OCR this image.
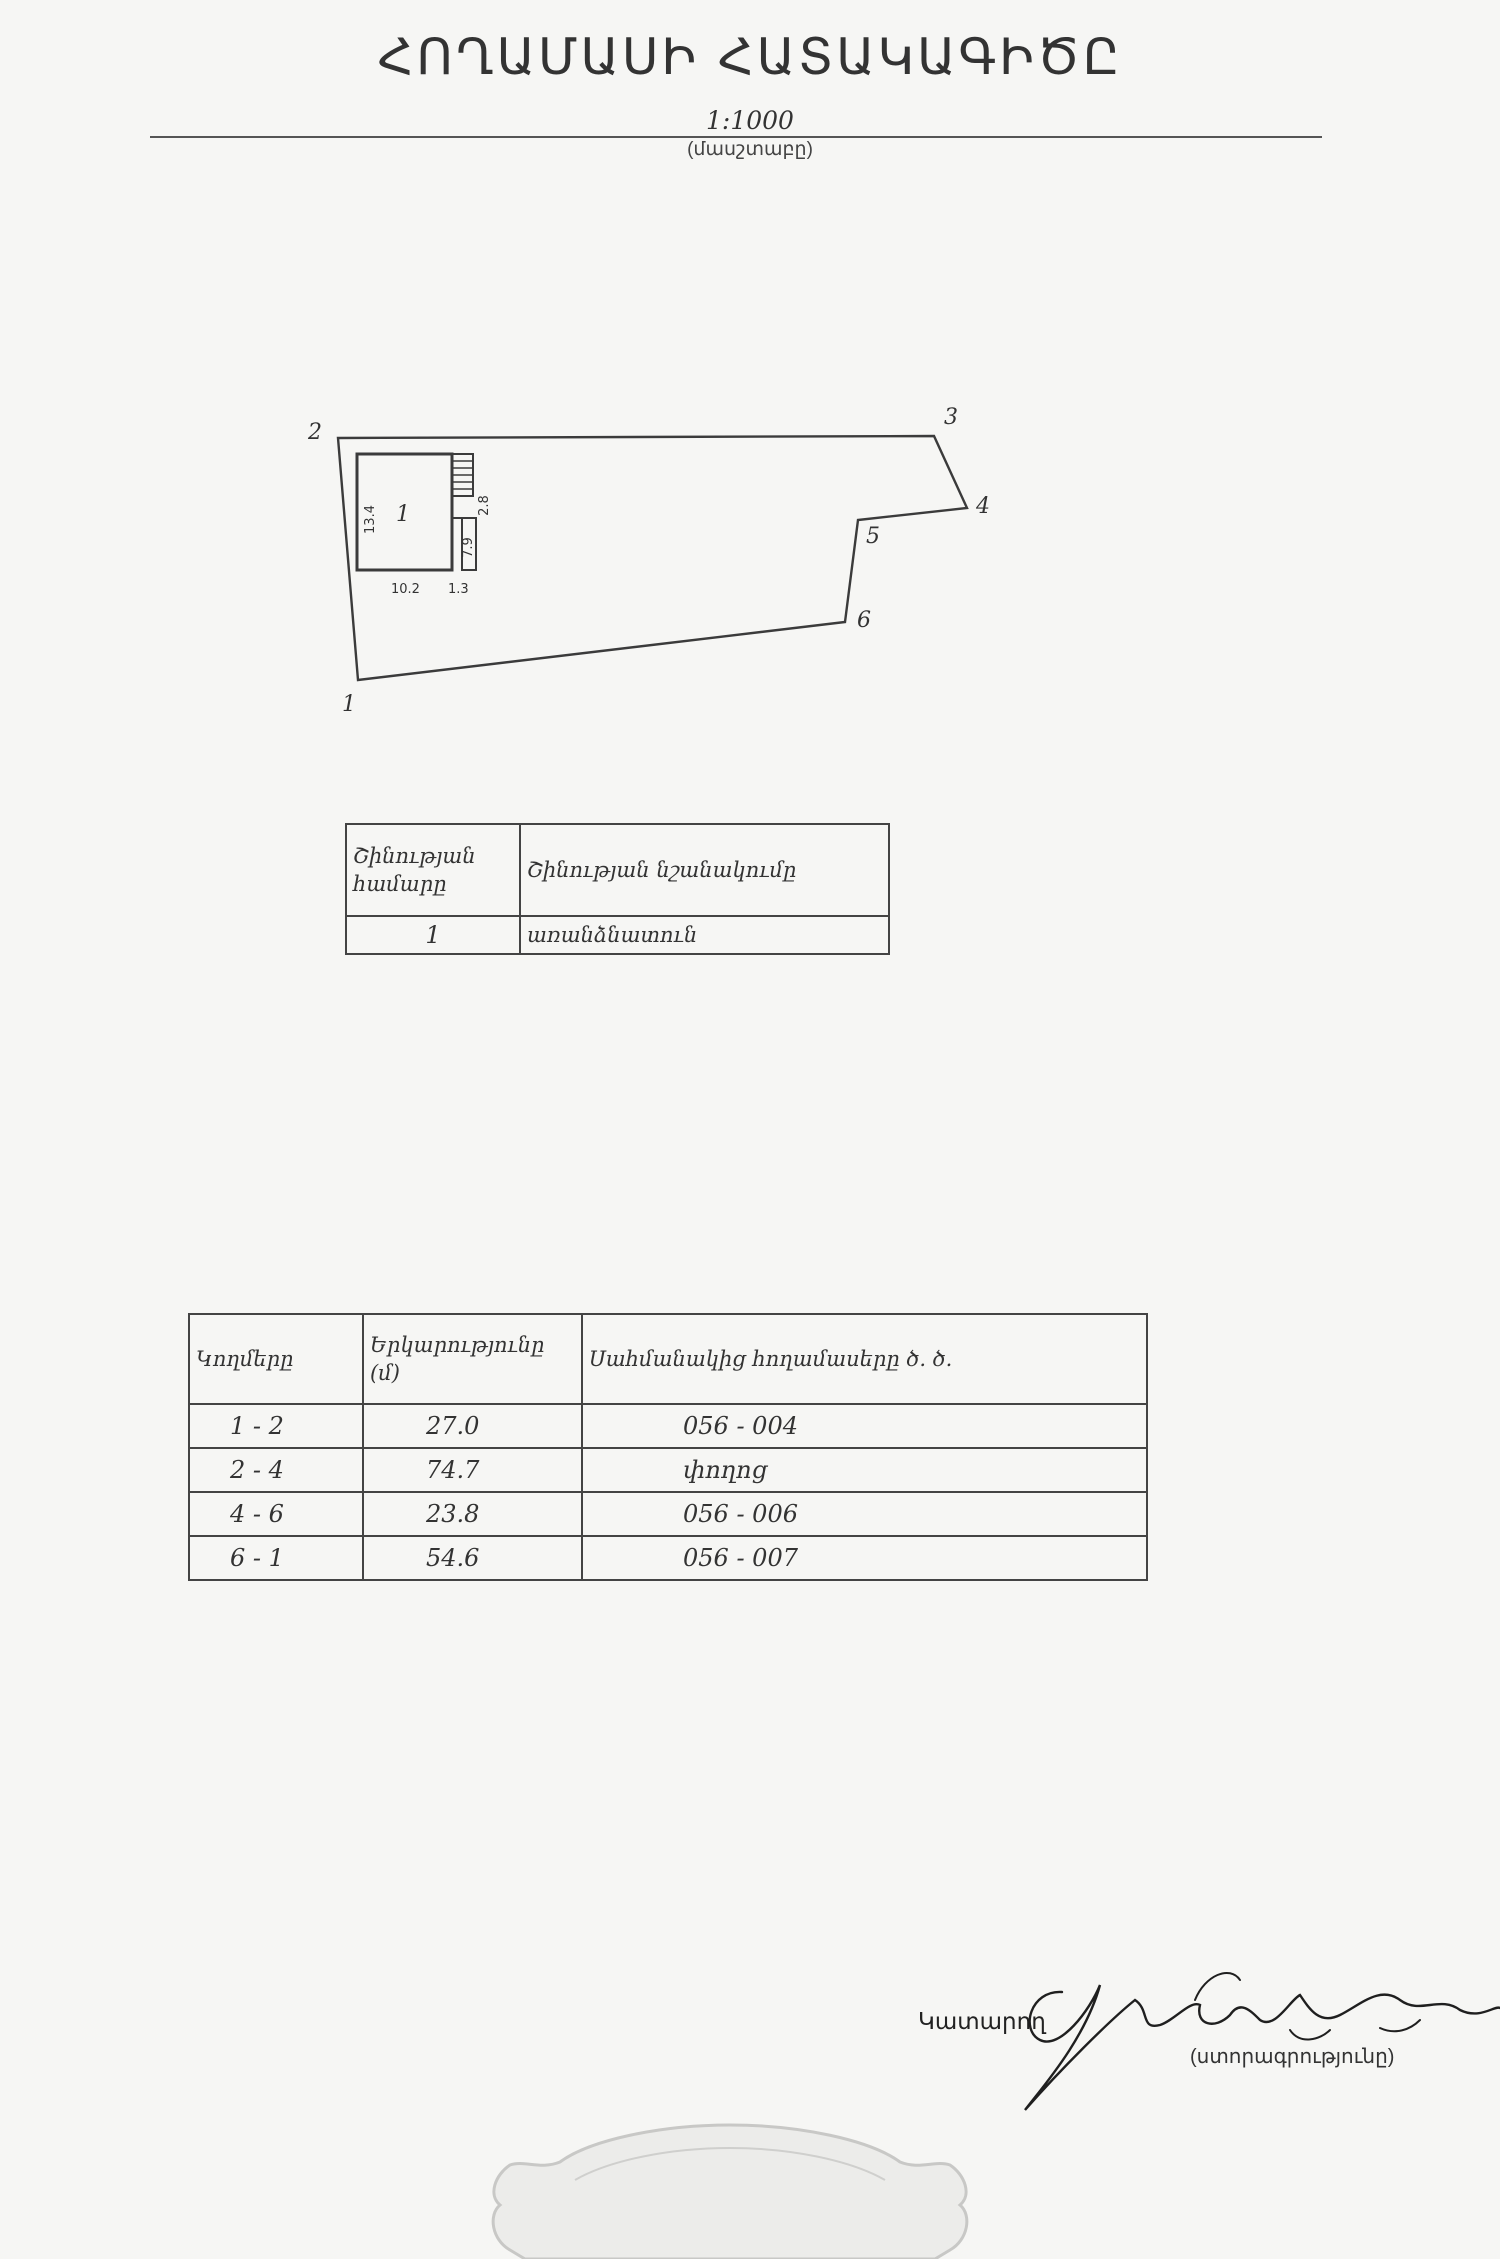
ՀՈՂԱՄԱՍԻ ՀԱՏԱԿԱԳԻԾԸ
1:1000
(մասշտաբը)
2
3
4
5
6
1
1
13.4
10.2 1.3
2.8
7.9
Շինության համարը	Շինության նշանակումը
1	առանձնատուն
Կողմերը	Երկարությունը (մ)	Սահմանակից հողամասերը ծ. ծ.
1 - 2	27.0	056 - 004
2 - 4	74.7	փողոց
4 - 6	23.8	056 - 006
6 - 1	54.6	056 - 007
Կատարող
(ստորագրությունը)
